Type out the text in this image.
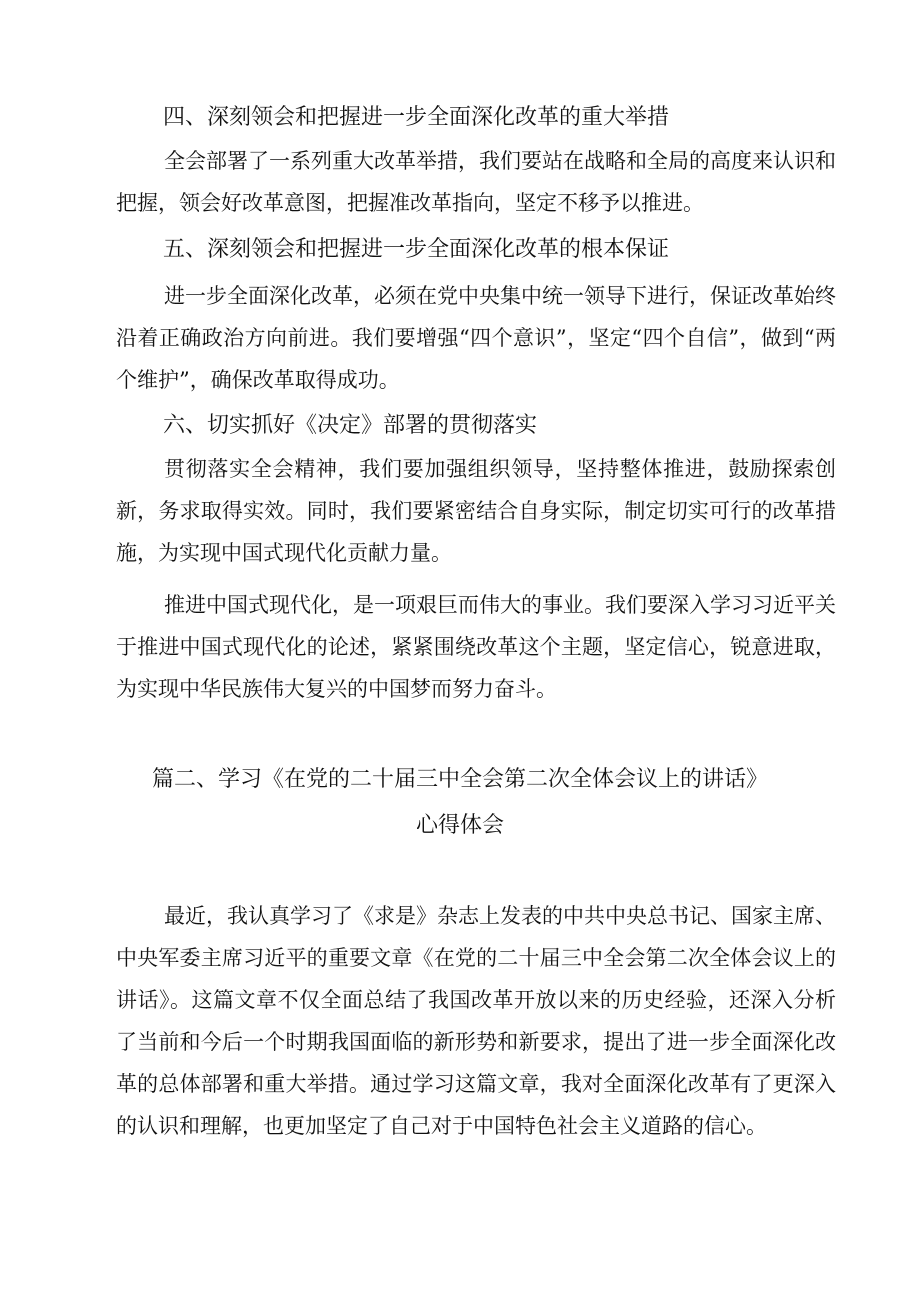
四、深刻领会和把握进一步全面深化改革的重大举措

全会部署了一系列重大改革举措，我们要站在战略和全局的高度来认识和把握，领会好改革意图，把握准改革指向，坚定不移予以推进。

五、深刻领会和把握进一步全面深化改革的根本保证

进一步全面深化改革，必须在党中央集中统一领导下进行，保证改革始终沿着正确政治方向前进。我们要增强“四个意识”，坚定“四个自信”，做到“两个维护”，确保改革取得成功。

六、切实抓好《决定》部署的贯彻落实

贯彻落实全会精神，我们要加强组织领导，坚持整体推进，鼓励探索创新，务求取得实效。同时，我们要紧密结合自身实际，制定切实可行的改革措施，为实现中国式现代化贡献力量。

推进中国式现代化，是一项艰巨而伟大的事业。我们要深入学习习近平关于推进中国式现代化的论述，紧紧围绕改革这个主题，坚定信心，锐意进取，为实现中华民族伟大复兴的中国梦而努力奋斗。

篇二、学习《在党的二十届三中全会第二次全体会议上的讲话》
心得体会

最近，我认真学习了《求是》杂志上发表的中共中央总书记、国家主席、中央军委主席习近平的重要文章《在党的二十届三中全会第二次全体会议上的讲话》。这篇文章不仅全面总结了我国改革开放以来的历史经验，还深入分析了当前和今后一个时期我国面临的新形势和新要求，提出了进一步全面深化改革的总体部署和重大举措。通过学习这篇文章，我对全面深化改革有了更深入的认识和理解，也更加坚定了自己对于中国特色社会主义道路的信心。
